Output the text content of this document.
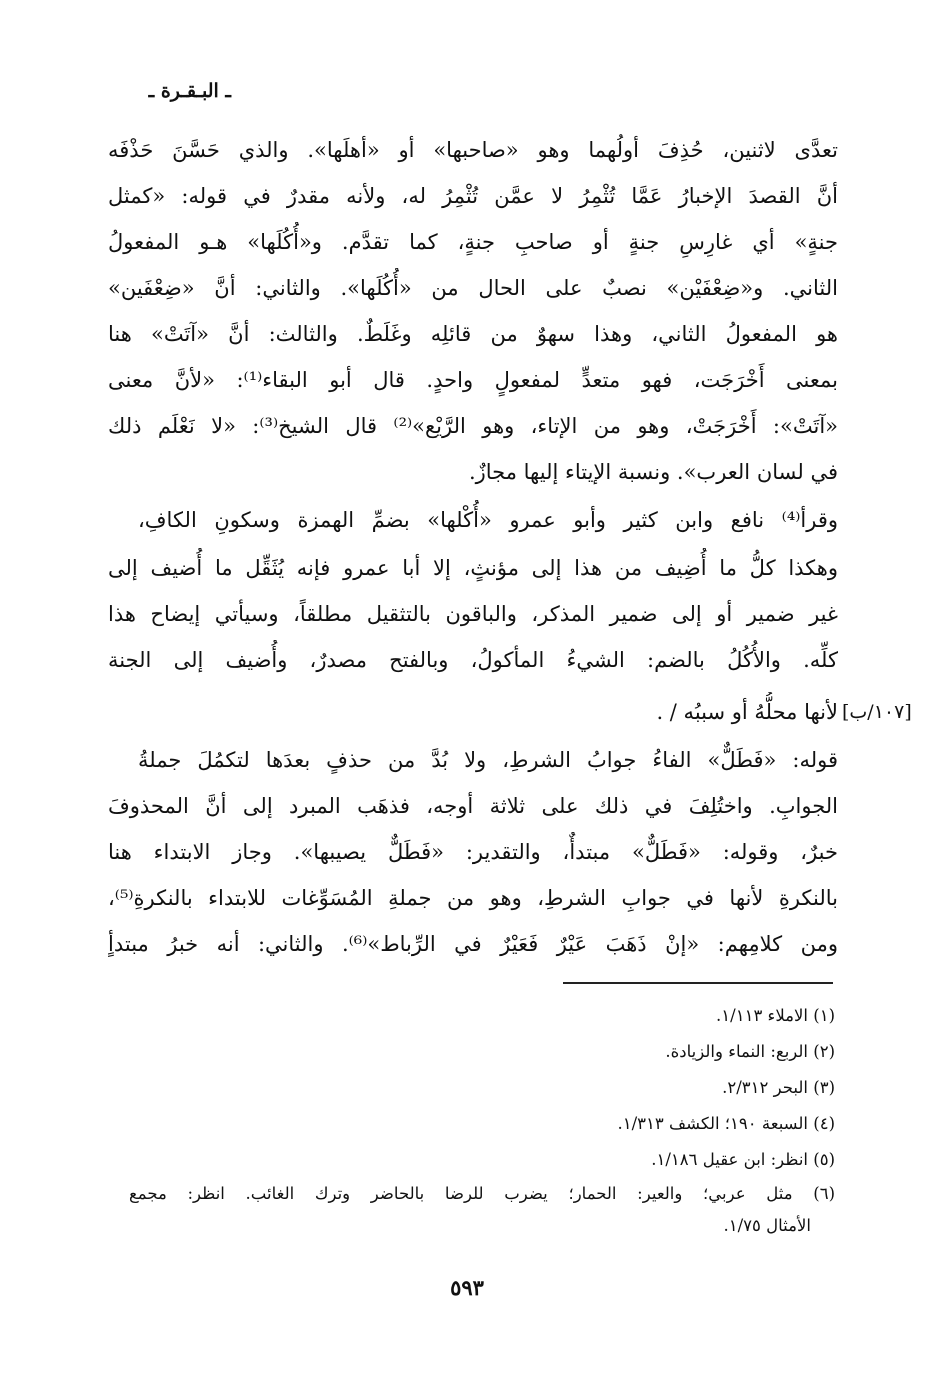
ـ البـقـرة ـ
تعدَّى لاثنين، حُذِفَ أولُهما وهو «صاحبها» أو «أهلَها». والذي حَسَّنَ حَذْفَه
أنَّ القصدَ الإخبارُ عَمَّا تُثْمِرُ لا عمَّن تُثْمِرُ له، ولأنه مقدرٌ في قوله: «كمثل
جنةٍ» أي غارِسِ جنةٍ أو صاحبِ جنةٍ، كما تقدَّم. و«أُكُلَها» هـو المفعولُ
الثاني. و«ضِعْفَيْن» نصبٌ على الحال من «أُكُلَها». والثاني: أنَّ «ضِعْفَين»
هو المفعولُ الثاني، وهذا سهوٌ من قائلِه وغَلَطٌ. والثالث: أنَّ «آتَتْ» هنا
بمعنى أَخْرَجَت، فهو متعدٍّ لمفعولٍ واحدٍ. قال أبو البقاء⁽¹⁾: «لأنَّ معنى
«آتَتْ»: أَخْرَجَتْ، وهو من الإتاء، وهو الرَّيْع»⁽²⁾ قال الشيخ⁽³⁾: «لا نَعْلَم ذلك
في لسان العرب». ونسبة الإيتاء إليها مجازٌ.
وقرأ⁽⁴⁾ نافع وابن كثير وأبو عمرو «أُكْلها» بضمِّ الهمزة وسكونِ الكافِ،
وهكذا كلُّ ما أُضِيف من هذا إلى مؤنثٍ، إلا أبا عمرو فإنه يُثَقِّل ما أُضيف إلى
غير ضمير أو إلى ضمير المذكر، والباقون بالتثقيل مطلقاً، وسيأتي إيضاح هذا
كلِّه. والأُكُلُ بالضم: الشيءُ المأكولُ، وبالفتح مصدرٌ، وأُضيف إلى الجنة
لأنها محلُّهُ أو سببُه / . [١٠٧/ب]
قوله: «فَطَلٌّ» الفاءُ جوابُ الشرطِ، ولا بُدَّ من حذفٍ بعدَها لتكمُلَ جملةُ
الجوابِ. واختُلِفَ في ذلك على ثلاثة أوجه، فذهَب المبرد إلى أنَّ المحذوفَ
خبرٌ، وقوله: «فَطَلٌّ» مبتدأٌ، والتقدير: «فَطَلٌّ يصيبها». وجاز الابتداء هنا
بالنكرةِ لأنها في جوابِ الشرطِ، وهو من جملةِ المُسَوِّغات للابتداء بالنكرةِ⁽⁵⁾،
ومن كلامِهم: «إنْ ذَهَبَ عَيْرٌ فَعَيْرٌ في الرِّباط»⁽⁶⁾. والثاني: أنه خبرُ مبتدأٍ
(١) الاملاء ١/١١٣.
(٢) الربع: النماء والزيادة.
(٣) البحر ٢/٣١٢.
(٤) السبعة ١٩٠؛ الكشف ١/٣١٣.
(٥) انظر: ابن عقيل ١/١٨٦.
(٦) مثل عربي؛ والعير: الحمار؛ يضرب للرضا بالحاضر وترك الغائب. انظر: مجمع
الأمثال ١/٧٥.
٥٩٣
